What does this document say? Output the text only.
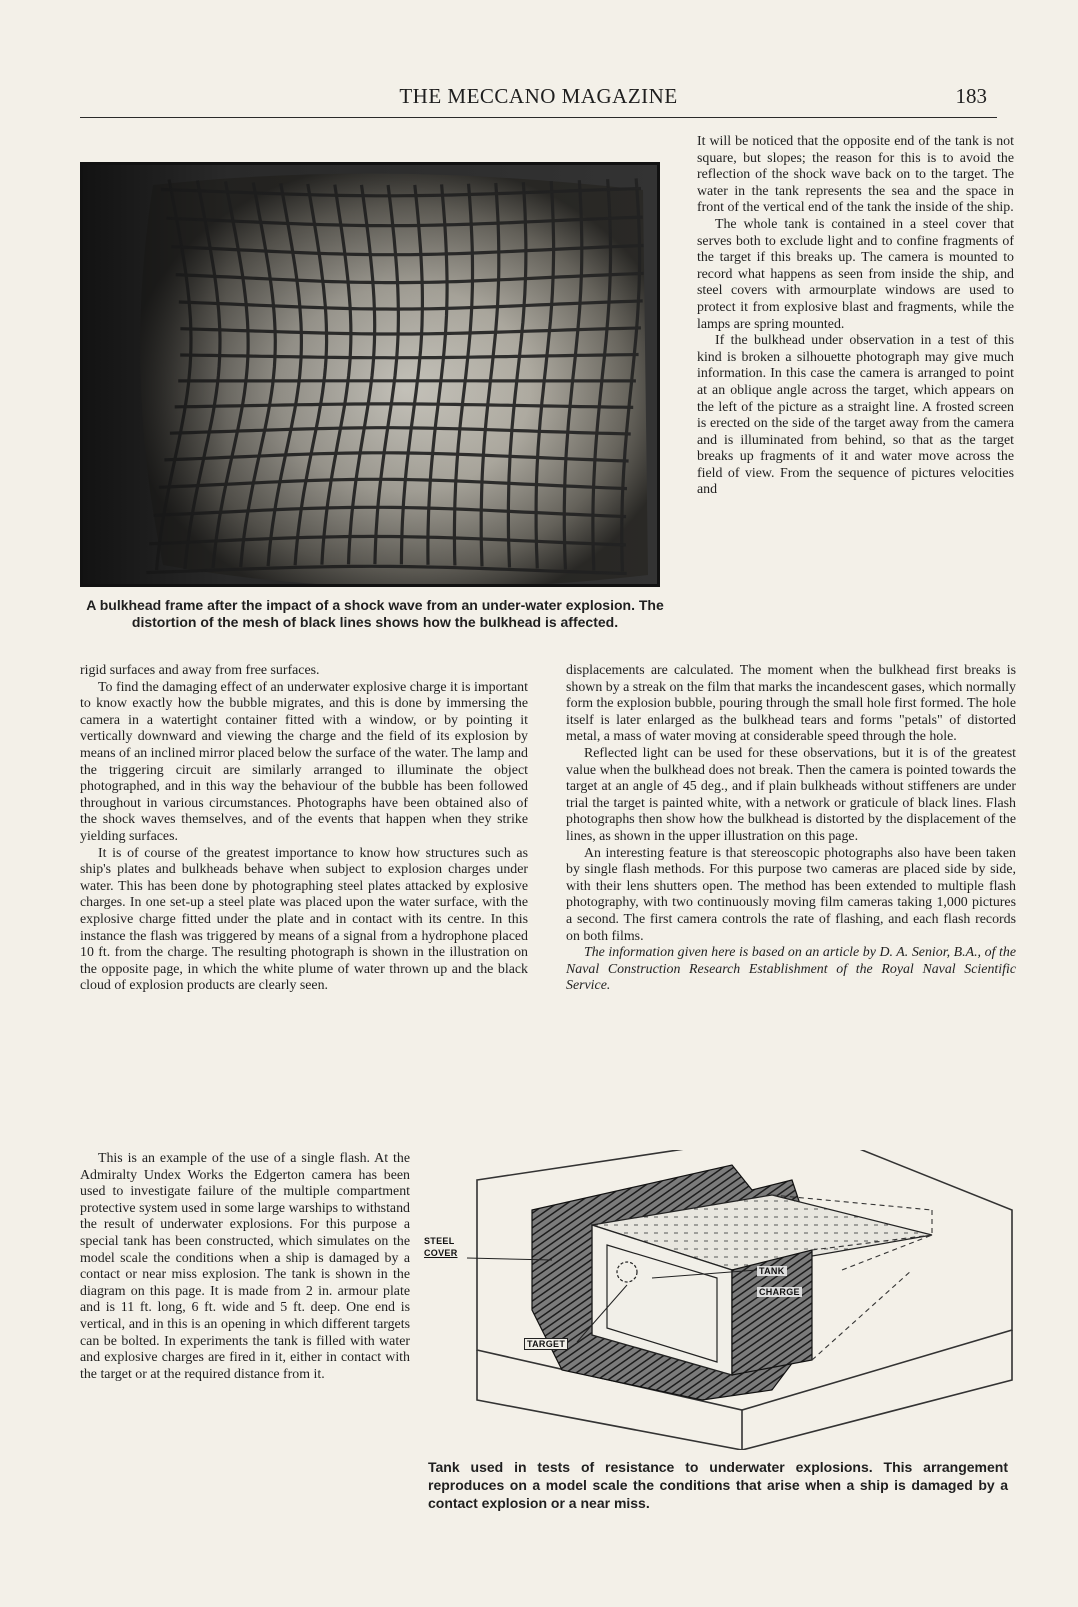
THE MECCANO MAGAZINE	183
A bulkhead frame after the impact of a shock wave from an under-water explosion. The distortion of the mesh of black lines shows how the bulkhead is affected.

It will be noticed that the opposite end of the tank is not square, but slopes; the reason for this is to avoid the reflection of the shock wave back on to the target. The water in the tank represents the sea and the space in front of the vertical end of the tank the inside of the ship.

The whole tank is contained in a steel cover that serves both to exclude light and to confine fragments of the target if this breaks up. The camera is mounted to record what happens as seen from inside the ship, and steel covers with armourplate windows are used to protect it from explosive blast and fragments, while the lamps are spring mounted.

If the bulkhead under observation in a test of this kind is broken a silhouette photograph may give much information. In this case the camera is arranged to point at an oblique angle across the target, which appears on the left of the picture as a straight line. A frosted screen is erected on the side of the target away from the camera and is illuminated from behind, so that as the target breaks up fragments of it and water move across the field of view. From the sequence of pictures velocities and

rigid surfaces and away from free surfaces.

To find the damaging effect of an underwater explosive charge it is important to know exactly how the bubble migrates, and this is done by immersing the camera in a watertight container fitted with a window, or by pointing it vertically downward and viewing the charge and the field of its explosion by means of an inclined mirror placed below the surface of the water. The lamp and the triggering circuit are similarly arranged to illuminate the object photographed, and in this way the behaviour of the bubble has been followed throughout in various circumstances. Photographs have been obtained also of the shock waves themselves, and of the events that happen when they strike yielding surfaces.

It is of course of the greatest importance to know how structures such as ship's plates and bulkheads behave when subject to explosion charges under water. This has been done by photographing steel plates attacked by explosive charges. In one set-up a steel plate was placed upon the water surface, with the explosive charge fitted under the plate and in contact with its centre. In this instance the flash was triggered by means of a signal from a hydrophone placed 10 ft. from the charge. The resulting photograph is shown in the illustration on the opposite page, in which the white plume of water thrown up and the black cloud of explosion products are clearly seen.

This is an example of the use of a single flash. At the Admiralty Undex Works the Edgerton camera has been used to investigate failure of the multiple compartment protective system used in some large warships to withstand the result of underwater explosions. For this purpose a special tank has been constructed, which simulates on the model scale the conditions when a ship is damaged by a contact or near miss explosion. The tank is shown in the diagram on this page. It is made from 2 in. armour plate and is 11 ft. long, 6 ft. wide and 5 ft. deep. One end is vertical, and in this is an opening in which different targets can be bolted. In experiments the tank is filled with water and explosive charges are fired in it, either in contact with the target or at the required distance from it.

displacements are calculated. The moment when the bulkhead first breaks is shown by a streak on the film that marks the incandescent gases, which normally form the explosion bubble, pouring through the small hole first formed. The hole itself is later enlarged as the bulkhead tears and forms "petals" of distorted metal, a mass of water moving at considerable speed through the hole.

Reflected light can be used for these observations, but it is of the greatest value when the bulkhead does not break. Then the camera is pointed towards the target at an angle of 45 deg., and if plain bulkheads without stiffeners are under trial the target is painted white, with a network or graticule of black lines. Flash photographs then show how the bulkhead is distorted by the displacement of the lines, as shown in the upper illustration on this page.

An interesting feature is that stereoscopic photographs also have been taken by single flash methods. For this purpose two cameras are placed side by side, with their lens shutters open. The method has been extended to multiple flash photography, with two continuously moving film cameras taking 1,000 pictures a second. The first camera controls the rate of flashing, and each flash records on both films.

The information given here is based on an article by D. A. Senior, B.A., of the Naval Construction Research Establishment of the Royal Naval Scientific Service.

STEEL
COVER
TANK
CHARGE
TARGET
Tank used in tests of resistance to underwater explosions. This arrangement reproduces on a model scale the conditions that arise when a ship is damaged by a contact explosion or a near miss.
